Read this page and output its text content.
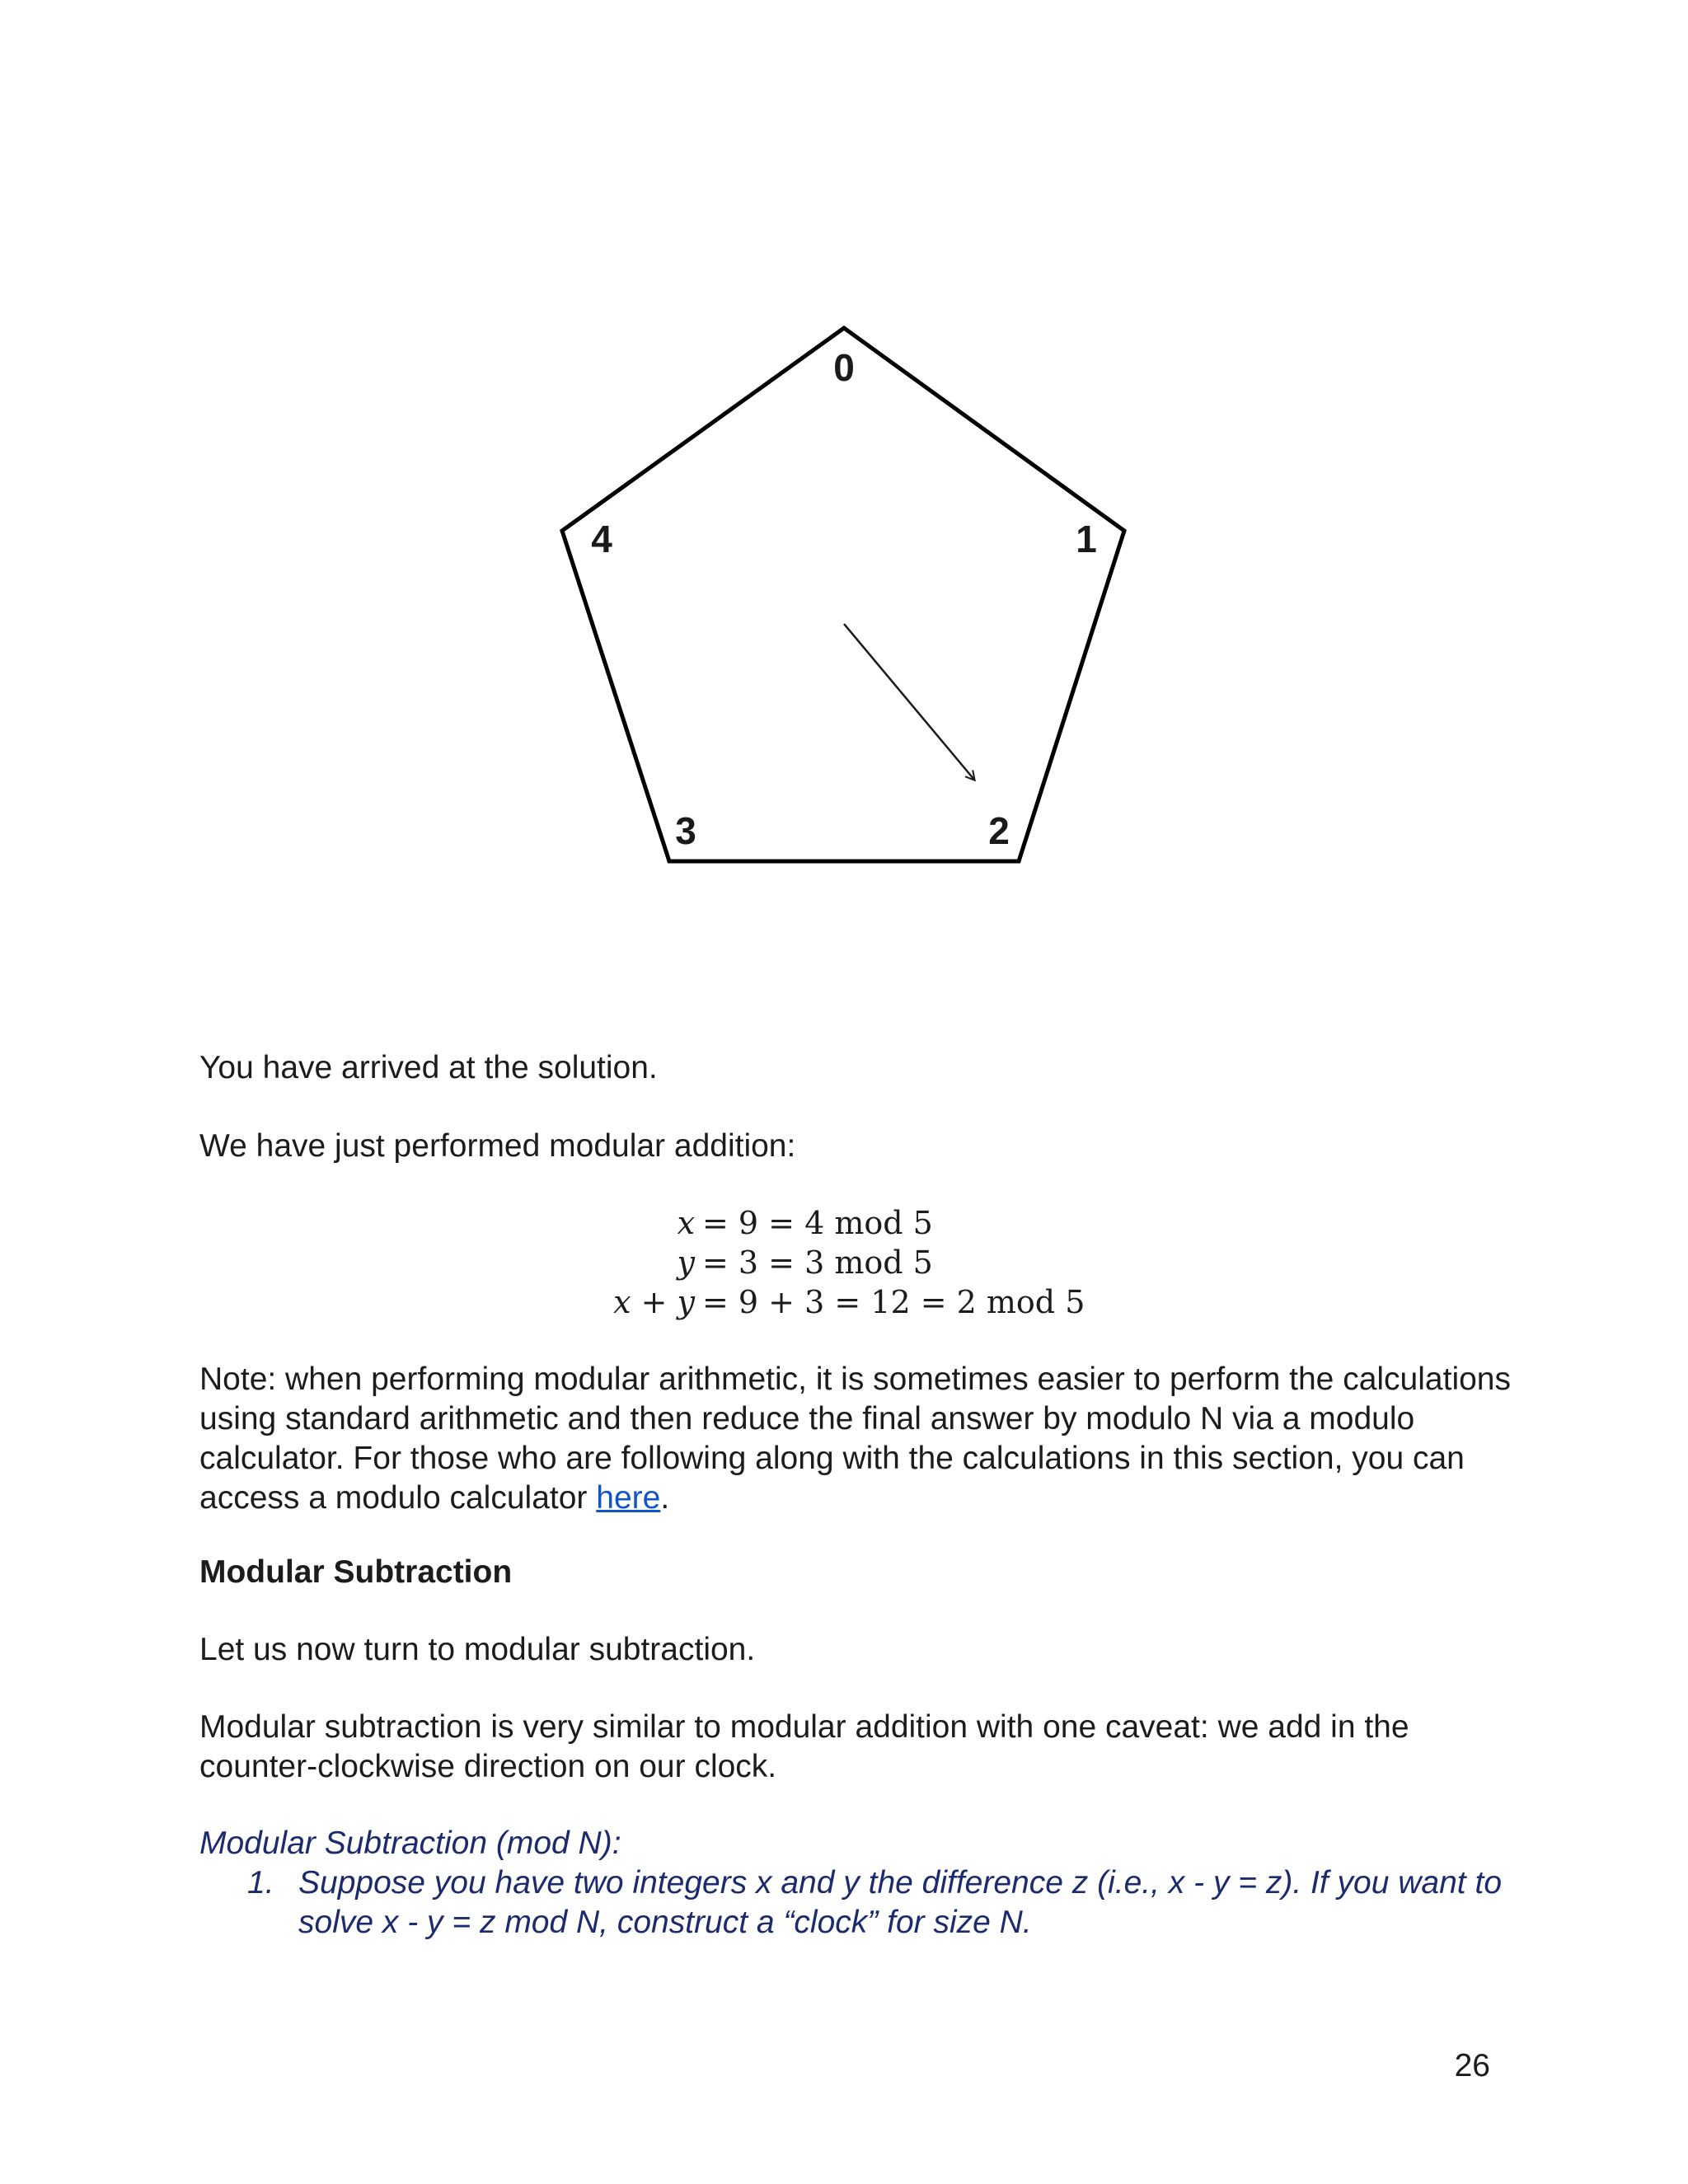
0
1
2
3
4
You have arrived at the solution.
We have just performed modular addition:
x = 9 = 4 mod 5
y = 3 = 3 mod 5
x + y = 9 + 3 = 12 = 2 mod 5
Note: when performing modular arithmetic, it is sometimes easier to perform the calculations using standard arithmetic and then reduce the final answer by modulo N via a modulo calculator. For those who are following along with the calculations in this section, you can access a modulo calculator here.
Modular Subtraction
Let us now turn to modular subtraction.
Modular subtraction is very similar to modular addition with one caveat: we add in the counter-clockwise direction on our clock.
Modular Subtraction (mod N):
1. Suppose you have two integers x and y the difference z (i.e., x - y = z). If you want to solve x - y = z mod N, construct a “clock” for size N.
26
